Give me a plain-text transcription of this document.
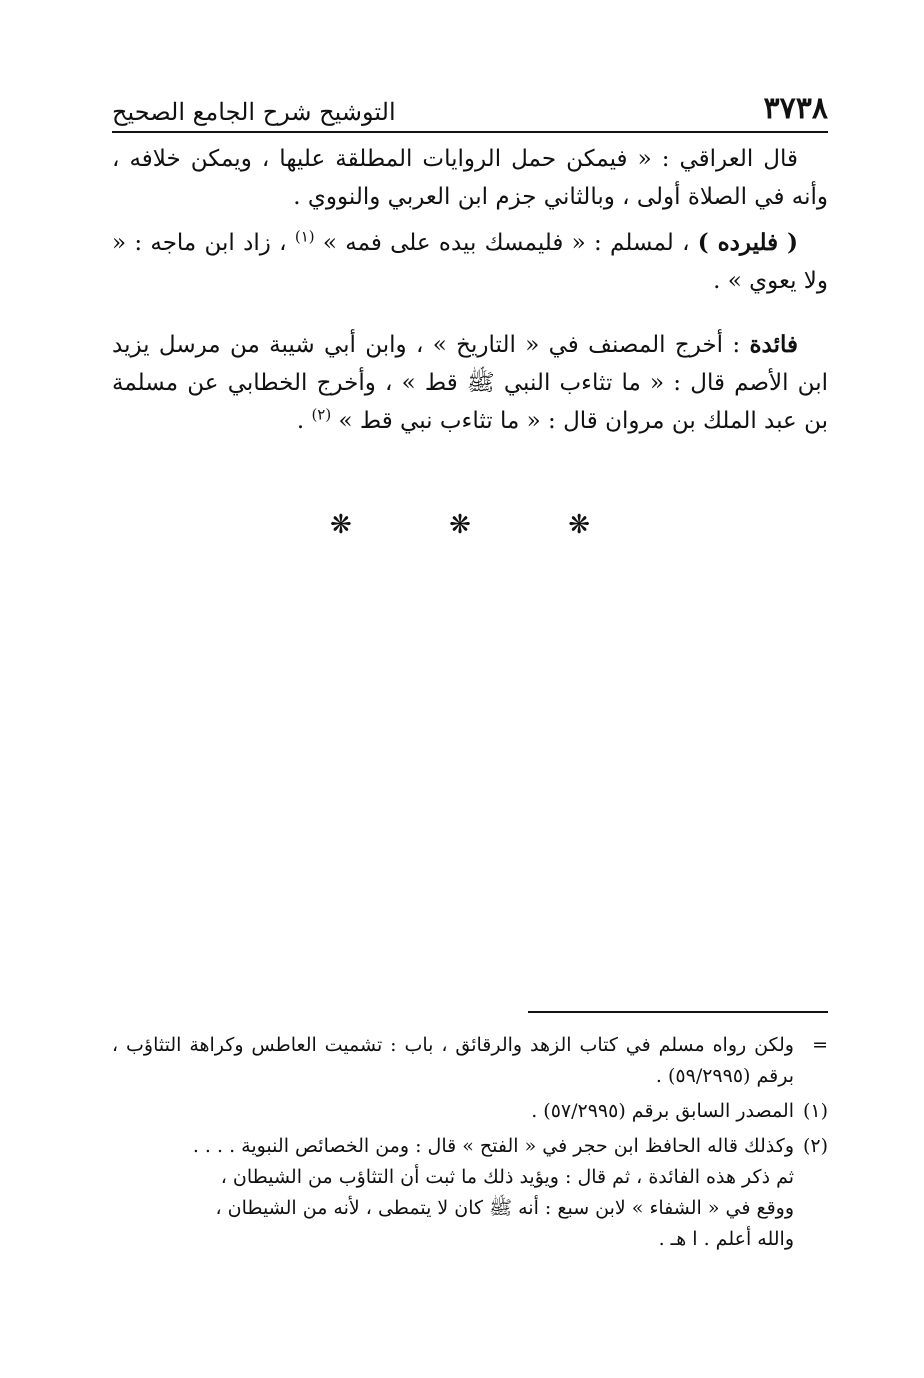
٣٧٣٨
التوشيح شرح الجامع الصحيح

قال العراقي : « فيمكن حمل الروايات المطلقة عليها ، ويمكن خلافه ، وأنه في الصلاة أولى ، وبالثاني جزم ابن العربي والنووي .

( فليرده ) ، لمسلم : « فليمسك بيده على فمه » $^{(١)}$ ، زاد ابن ماجه : « ولا يعوي » .

فائدة : أخرج المصنف في « التاريخ » ، وابن أبي شيبة من مرسل يزيد ابن الأصم قال : « ما تثاءب النبي ﷺ قط » ، وأخرج الخطابي عن مسلمة بن عبد الملك بن مروان قال : « ما تثاءب نبي قط » $^{(٢)}$ .

❋
❋
❋
=
ولكن رواه مسلم في كتاب الزهد والرقائق ، باب : تشميت العاطس وكراهة التثاؤب ، برقم (٥٩/٢٩٩٥) .
(١)
المصدر السابق برقم (٥٧/٢٩٩٥) .
(٢)
وكذلك قاله الحافظ ابن حجر في « الفتح » قال : ومن الخصائص النبوية . . . .
ثم ذكر هذه الفائدة ، ثم قال : ويؤيد ذلك ما ثبت أن التثاؤب من الشيطان ،
ووقع في « الشفاء » لابن سبع : أنه ﷺ كان لا يتمطى ، لأنه من الشيطان ،
والله أعلم . ا هـ .
